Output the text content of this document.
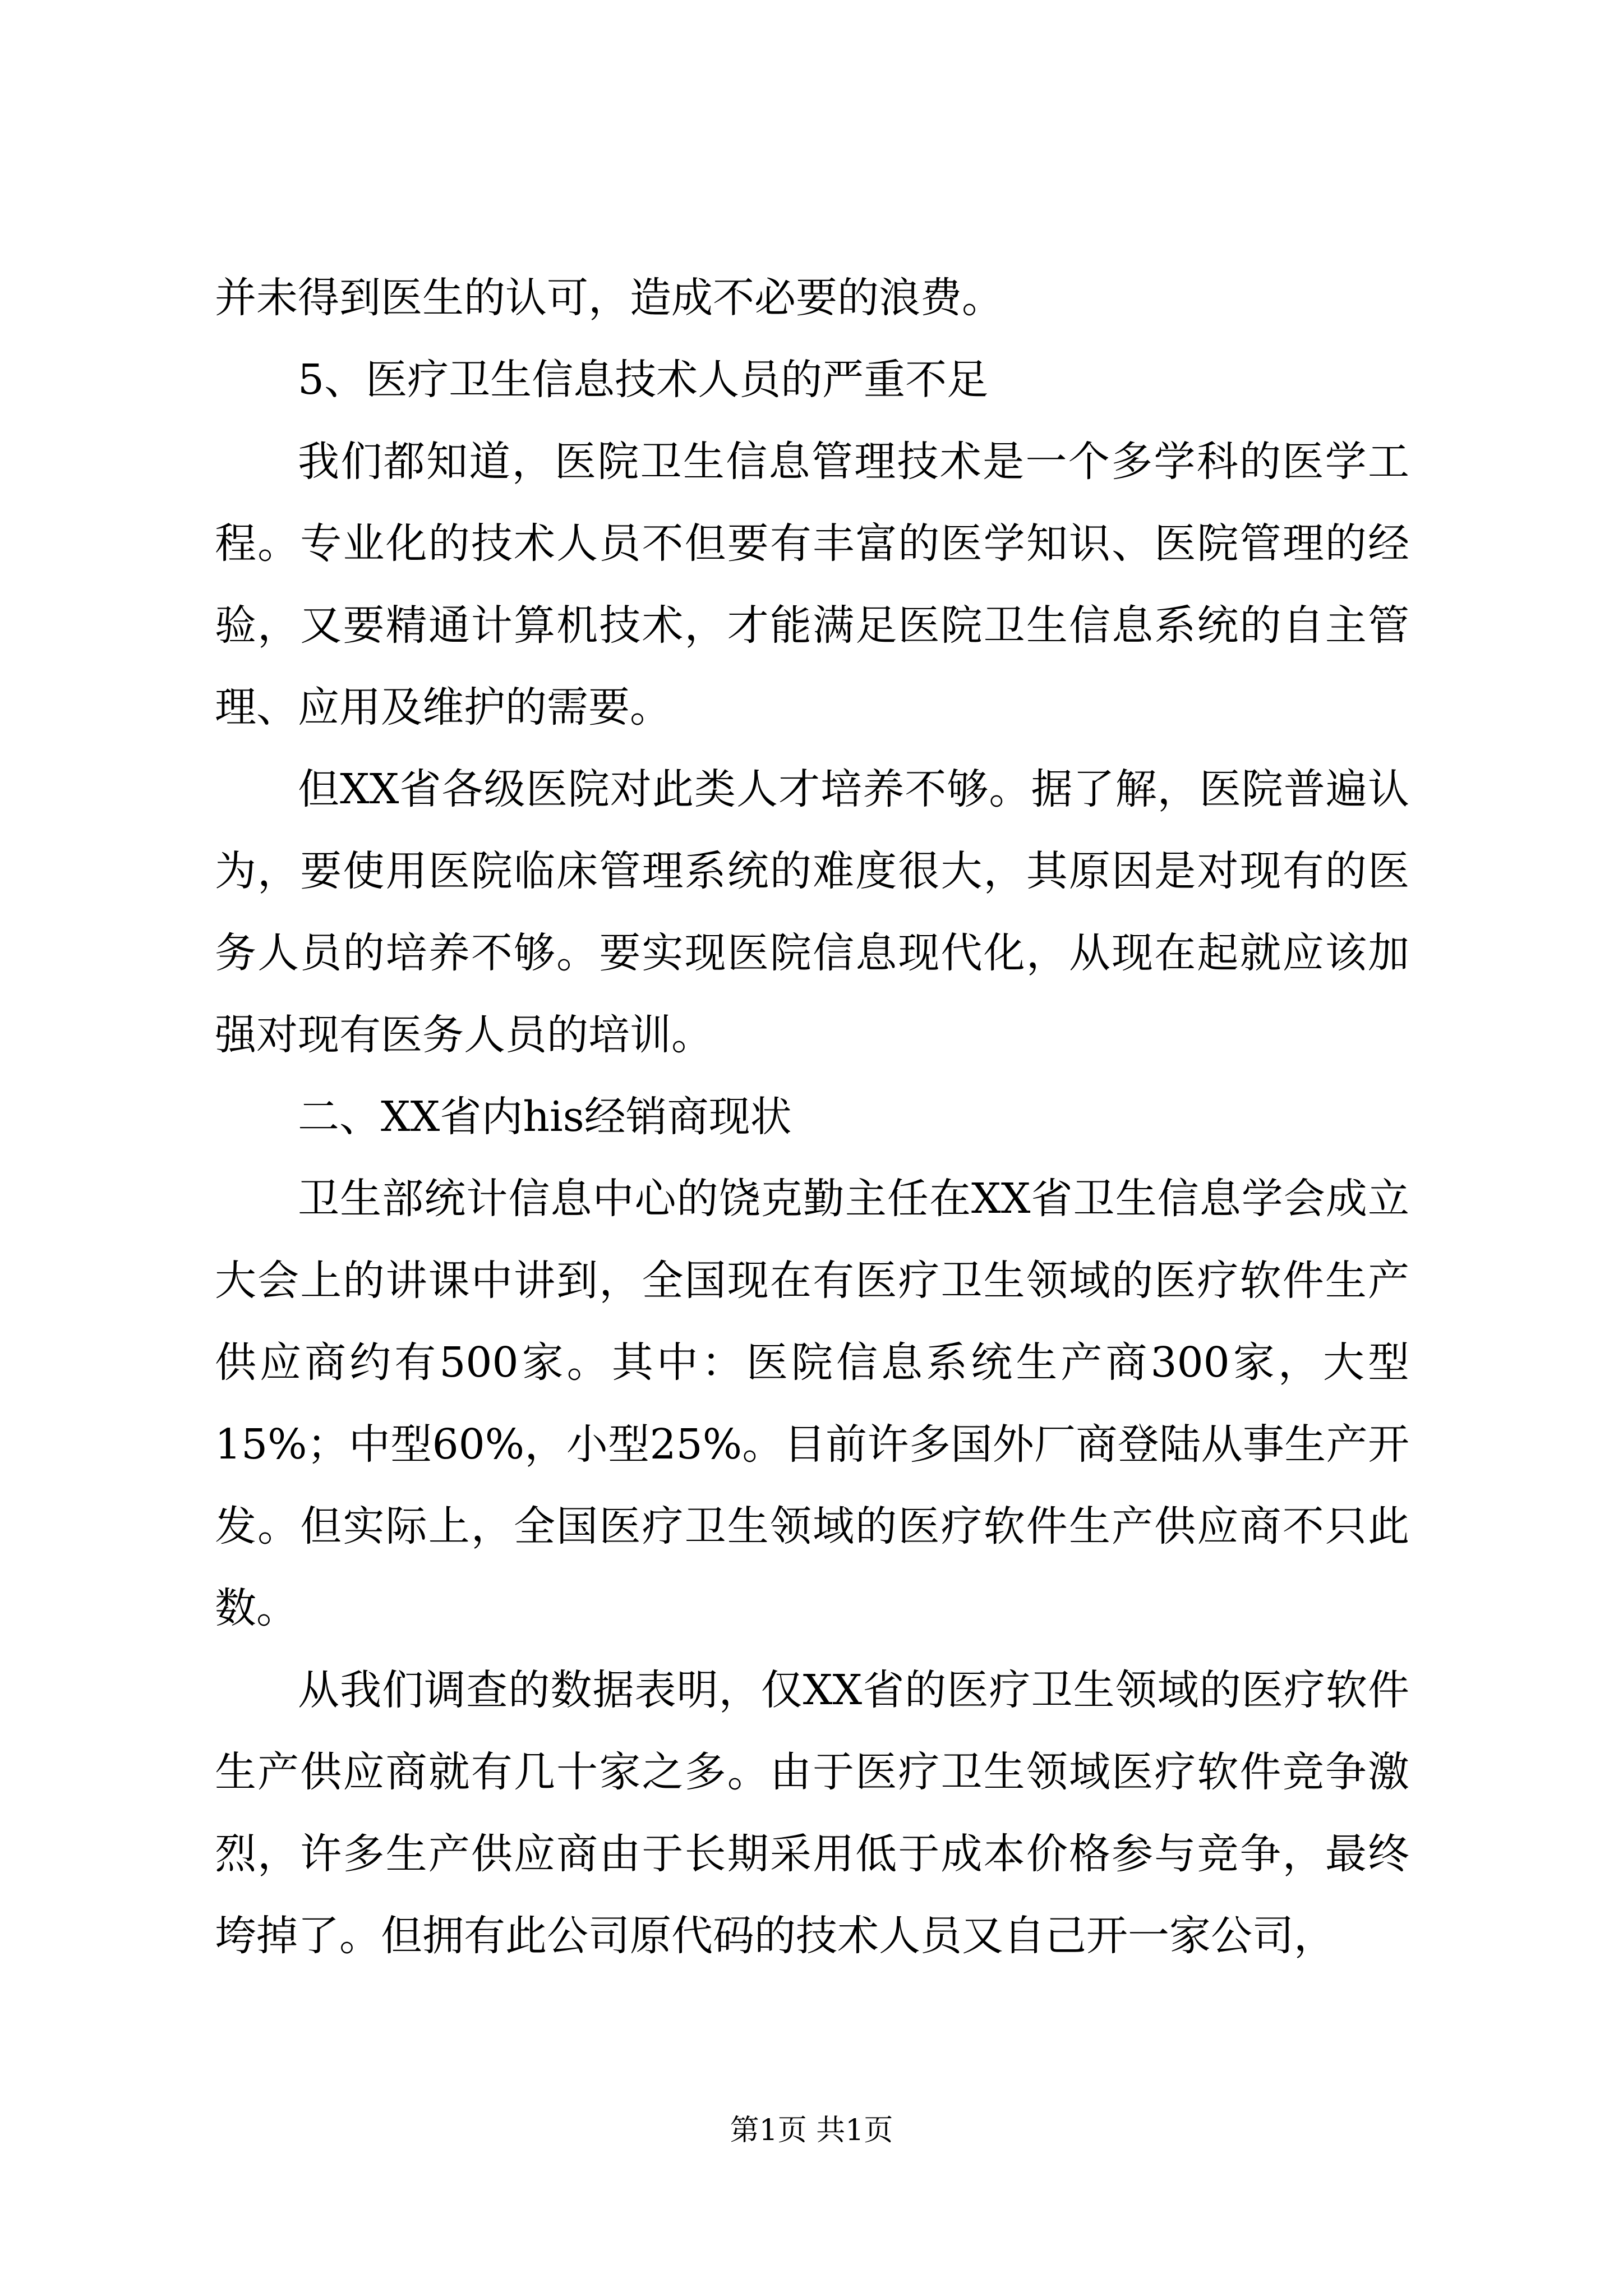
并未得到医生的认可，造成不必要的浪费。

5、医疗卫生信息技术人员的严重不足

我们都知道，医院卫生信息管理技术是一个多学科的医学工程。专业化的技术人员不但要有丰富的医学知识、医院管理的经验，又要精通计算机技术，才能满足医院卫生信息系统的自主管理、应用及维护的需要。

但XX省各级医院对此类人才培养不够。据了解，医院普遍认为，要使用医院临床管理系统的难度很大，其原因是对现有的医务人员的培养不够。要实现医院信息现代化，从现在起就应该加强对现有医务人员的培训。

二、XX省内his经销商现状

卫生部统计信息中心的饶克勤主任在XX省卫生信息学会成立大会上的讲课中讲到，全国现在有医疗卫生领域的医疗软件生产供应商约有500家。其中：医院信息系统生产商300家，大型15%；中型60%，小型25%。目前许多国外厂商登陆从事生产开发。但实际上，全国医疗卫生领域的医疗软件生产供应商不只此数。

从我们调查的数据表明，仅XX省的医疗卫生领域的医疗软件生产供应商就有几十家之多。由于医疗卫生领域医疗软件竞争激烈，许多生产供应商由于长期采用低于成本价格参与竞争，最终垮掉了。但拥有此公司原代码的技术人员又自己开一家公司，

第1页 共1页
